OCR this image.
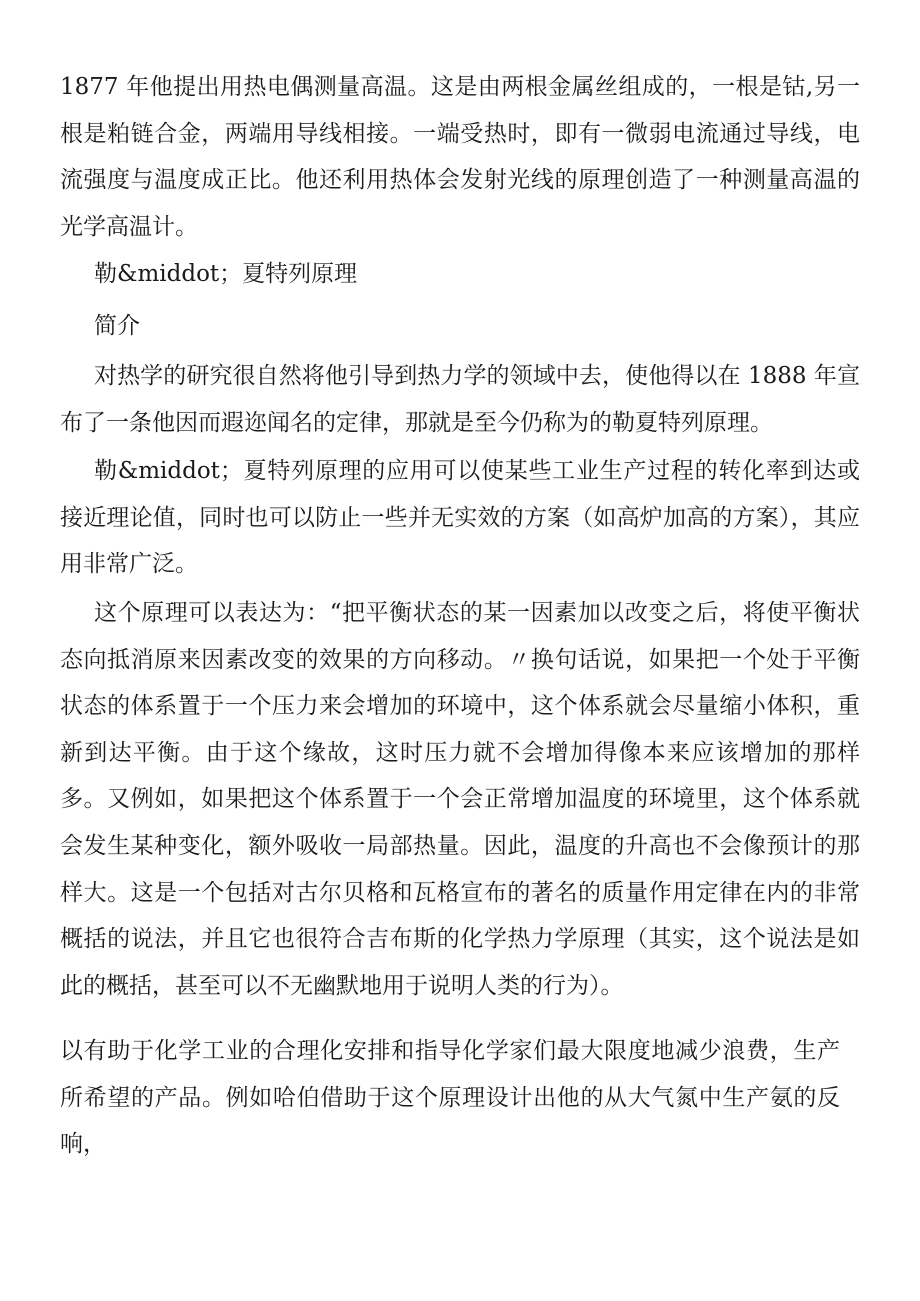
1877 年他提出用热电偶测量高温。这是由两根金属丝组成的，一根是钴,另一根是粕链合金，两端用导线相接。一端受热时，即有一微弱电流通过导线，电流强度与温度成正比。他还利用热体会发射光线的原理创造了一种测量高温的光学高温计。

勒&middot；夏特列原理

简介

对热学的研究很自然将他引导到热力学的领域中去，使他得以在 1888 年宣布了一条他因而遐迩闻名的定律，那就是至今仍称为的勒夏特列原理。

勒&middot；夏特列原理的应用可以使某些工业生产过程的转化率到达或接近理论值，同时也可以防止一些并无实效的方案（如高炉加高的方案），其应用非常广泛。

这个原理可以表达为：“把平衡状态的某一因素加以改变之后，将使平衡状态向抵消原来因素改变的效果的方向移动。〃换句话说，如果把一个处于平衡状态的体系置于一个压力来会增加的环境中，这个体系就会尽量缩小体积，重新到达平衡。由于这个缘故，这时压力就不会增加得像本来应该增加的那样多。又例如，如果把这个体系置于一个会正常增加温度的环境里，这个体系就会发生某种变化，额外吸收一局部热量。因此，温度的升高也不会像预计的那样大。这是一个包括对古尔贝格和瓦格宣布的著名的质量作用定律在内的非常概括的说法，并且它也很符合吉布斯的化学热力学原理（其实，这个说法是如此的概括，甚至可以不无幽默地用于说明人类的行为）。

以有助于化学工业的合理化安排和指导化学家们最大限度地减少浪费，生产所希望的产品。例如哈伯借助于这个原理设计出他的从大气氮中生产氨的反响，
